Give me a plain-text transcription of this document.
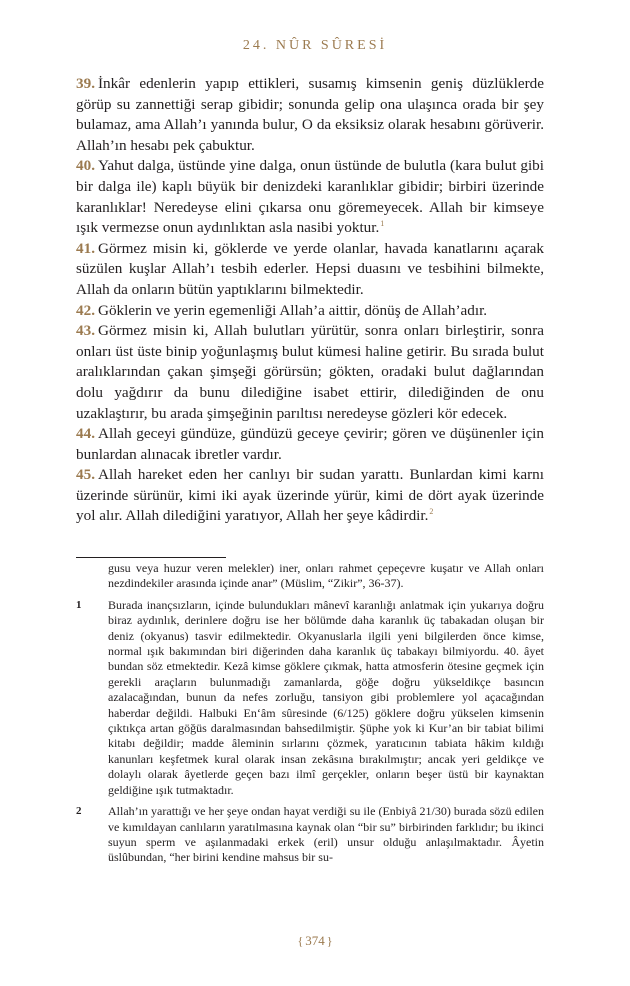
24. NÛR SÛRESİ

39. İnkâr edenlerin yapıp ettikleri, susamış kimsenin geniş düzlüklerde görüp su zannettiği serap gibidir; sonunda gelip ona ulaşınca orada bir şey bulamaz, ama Allah’ı yanında bulur, O da eksiksiz olarak hesabını görüverir. Allah’ın hesabı pek çabuktur.

40. Yahut dalga, üstünde yine dalga, onun üstünde de bulutla (kara bulut gibi bir dalga ile) kaplı büyük bir denizdeki karanlıklar gibidir; birbiri üzerinde karanlıklar! Neredeyse elini çıkarsa onu göremeyecek. Allah bir kimseye ışık vermezse onun aydınlıktan asla nasibi yoktur.$^1$

41. Görmez misin ki, göklerde ve yerde olanlar, havada kanatlarını açarak süzülen kuşlar Allah’ı tesbih ederler. Hepsi duasını ve tesbihini bilmekte, Allah da onların bütün yaptıklarını bilmektedir.

42. Göklerin ve yerin egemenliği Allah’a aittir, dönüş de Allah’adır.

43. Görmez misin ki, Allah bulutları yürütür, sonra onları birleştirir, sonra onları üst üste binip yoğunlaşmış bulut kümesi haline getirir. Bu sırada bulut aralıklarından çakan şimşeği görürsün; gökten, oradaki bulut dağlarından dolu yağdırır da bunu dilediğine isabet ettirir, dilediğinden de onu uzaklaştırır, bu arada şimşeğinin parıltısı neredeyse gözleri kör edecek.

44. Allah geceyi gündüze, gündüzü geceye çevirir; gören ve düşünenler için bunlardan alınacak ibretler vardır.

45. Allah hareket eden her canlıyı bir sudan yarattı. Bunlardan kimi karnı üzerinde sürünür, kimi iki ayak üzerinde yürür, kimi de dört ayak üzerinde yol alır. Allah dilediğini yaratıyor, Allah her şeye kâdirdir.$^2$

gusu veya huzur veren melekler) iner, onları rahmet çepeçevre kuşatır ve Allah onları nezdindekiler arasında içinde anar” (Müslim, “Zikir”, 36-37).

1 Burada inançsızların, içinde bulundukları mânevî karanlığı anlatmak için yukarıya doğru biraz aydınlık, derinlere doğru ise her bölümde daha karanlık üç tabakadan oluşan bir deniz (okyanus) tasvir edilmektedir. Okyanuslarla ilgili yeni bilgilerden önce kimse, normal ışık bakımından biri diğerinden daha karanlık üç tabakayı bilmiyordu. 40. âyet bundan söz etmektedir. Kezâ kimse göklere çıkmak, hatta atmosferin ötesine geçmek için gerekli araçların bulunmadığı zamanlarda, göğe doğru yükseldikçe basıncın azalacağından, bunun da nefes zorluğu, tansiyon gibi problemlere yol açacağından haberdar değildi. Halbuki En‘âm sûresinde (6/125) göklere doğru yükselen kimsenin çıktıkça artan göğüs daralmasından bahsedilmiştir. Şüphe yok ki Kur’an bir tabiat bilimi kitabı değildir; madde âleminin sırlarını çözmek, yaratıcının tabiata hâkim kıldığı kanunları keşfetmek kural olarak insan zekâsına bırakılmıştır; ancak yeri geldikçe ve dolaylı olarak âyetlerde geçen bazı ilmî gerçekler, onların beşer üstü bir kaynaktan geldiğine ışık tutmaktadır.

2 Allah’ın yarattığı ve her şeye ondan hayat verdiği su ile (Enbiyâ 21/30) burada sözü edilen ve kımıldayan canlıların yaratılmasına kaynak olan “bir su” birbirinden farklıdır; bu ikinci suyun sperm ve aşılanmadaki erkek (eril) unsur olduğu anlaşılmaktadır. Âyetin üslûbundan, “her birini kendine mahsus bir su-

{ 374 }
